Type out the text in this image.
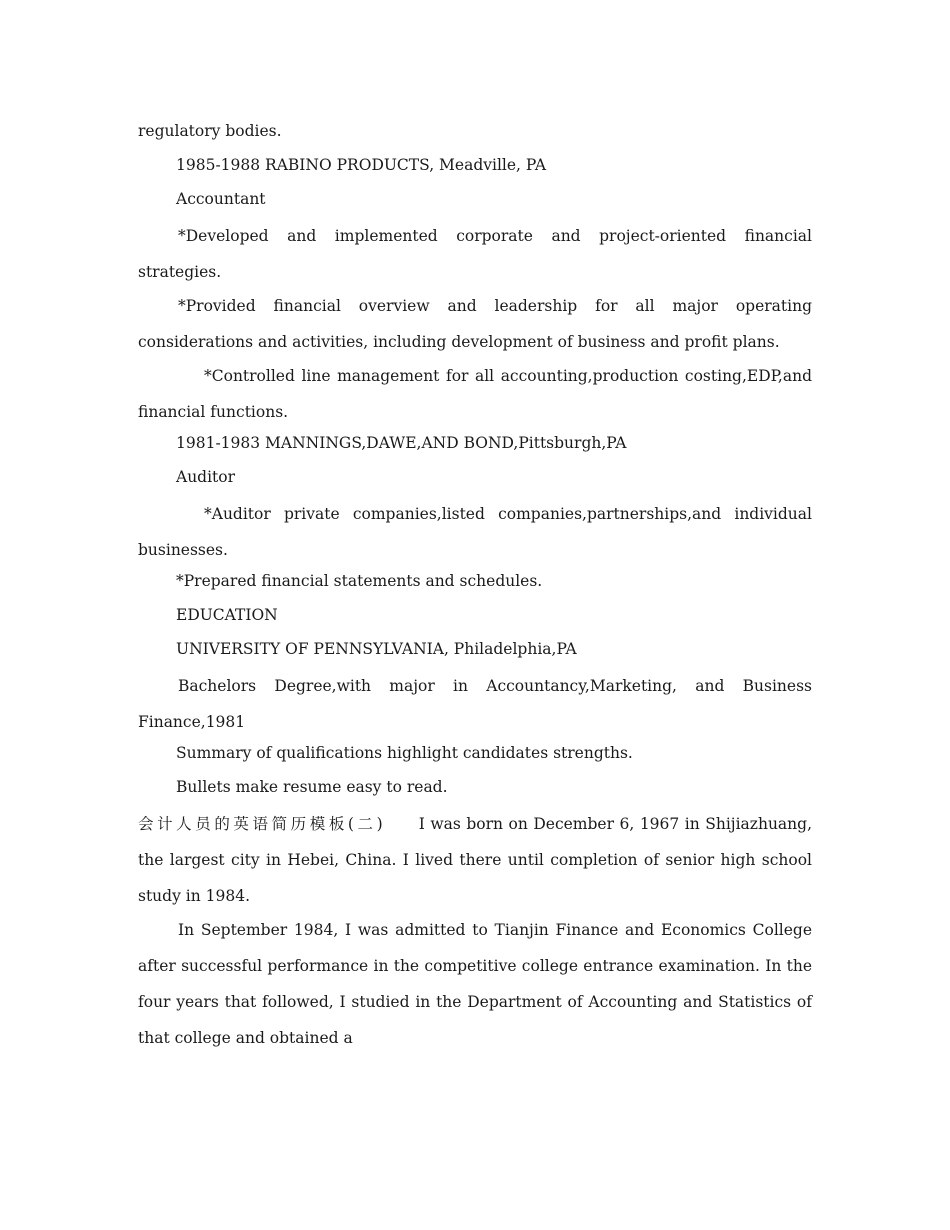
regulatory bodies.
1985-1988 RABINO PRODUCTS, Meadville, PA
Accountant
*Developed and implemented corporate and project-oriented financial strategies.
*Provided financial overview and leadership for all major operating considerations and activities, including development of business and profit plans.
*Controlled line management for all accounting,production costing,EDP,and financial functions.
1981-1983 MANNINGS,DAWE,AND BOND,Pittsburgh,PA
Auditor
*Auditor private companies,listed companies,partnerships,and individual businesses.
*Prepared financial statements and schedules.
EDUCATION
UNIVERSITY OF PENNSYLVANIA, Philadelphia,PA
Bachelors Degree,with major in Accountancy,Marketing, and Business Finance,1981
Summary of qualifications highlight candidates strengths.
Bullets make resume easy to read.
会计人员的英语简历模板(二) I was born on December 6, 1967 in Shijiazhuang, the largest city in Hebei, China. I lived there until completion of senior high school study in 1984.
In September 1984, I was admitted to Tianjin Finance and Economics College after successful performance in the competitive college entrance examination. In the four years that followed, I studied in the Department of Accounting and Statistics of that college and obtained a
